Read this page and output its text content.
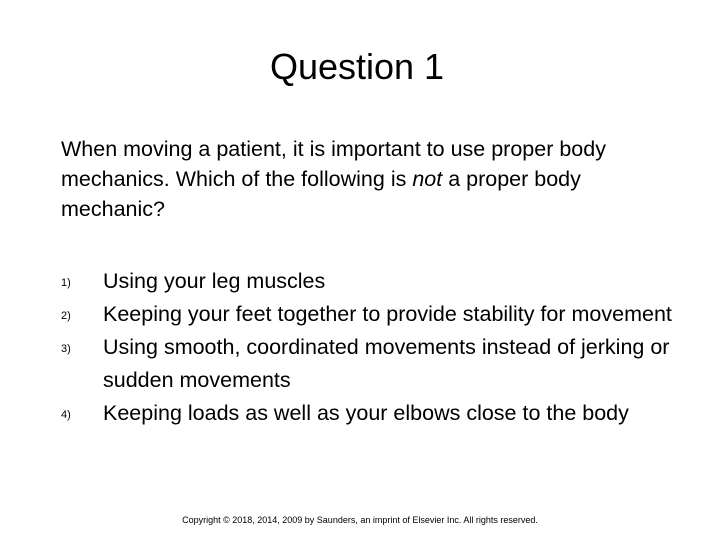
Question 1
When moving a patient, it is important to use proper body mechanics. Which of the following is not a proper body mechanic?
1) Using your leg muscles
2) Keeping your feet together to provide stability for movement
3) Using smooth, coordinated movements instead of jerking or sudden movements
4) Keeping loads as well as your elbows close to the body
Copyright © 2018, 2014, 2009 by Saunders, an imprint of Elsevier Inc. All rights reserved.
